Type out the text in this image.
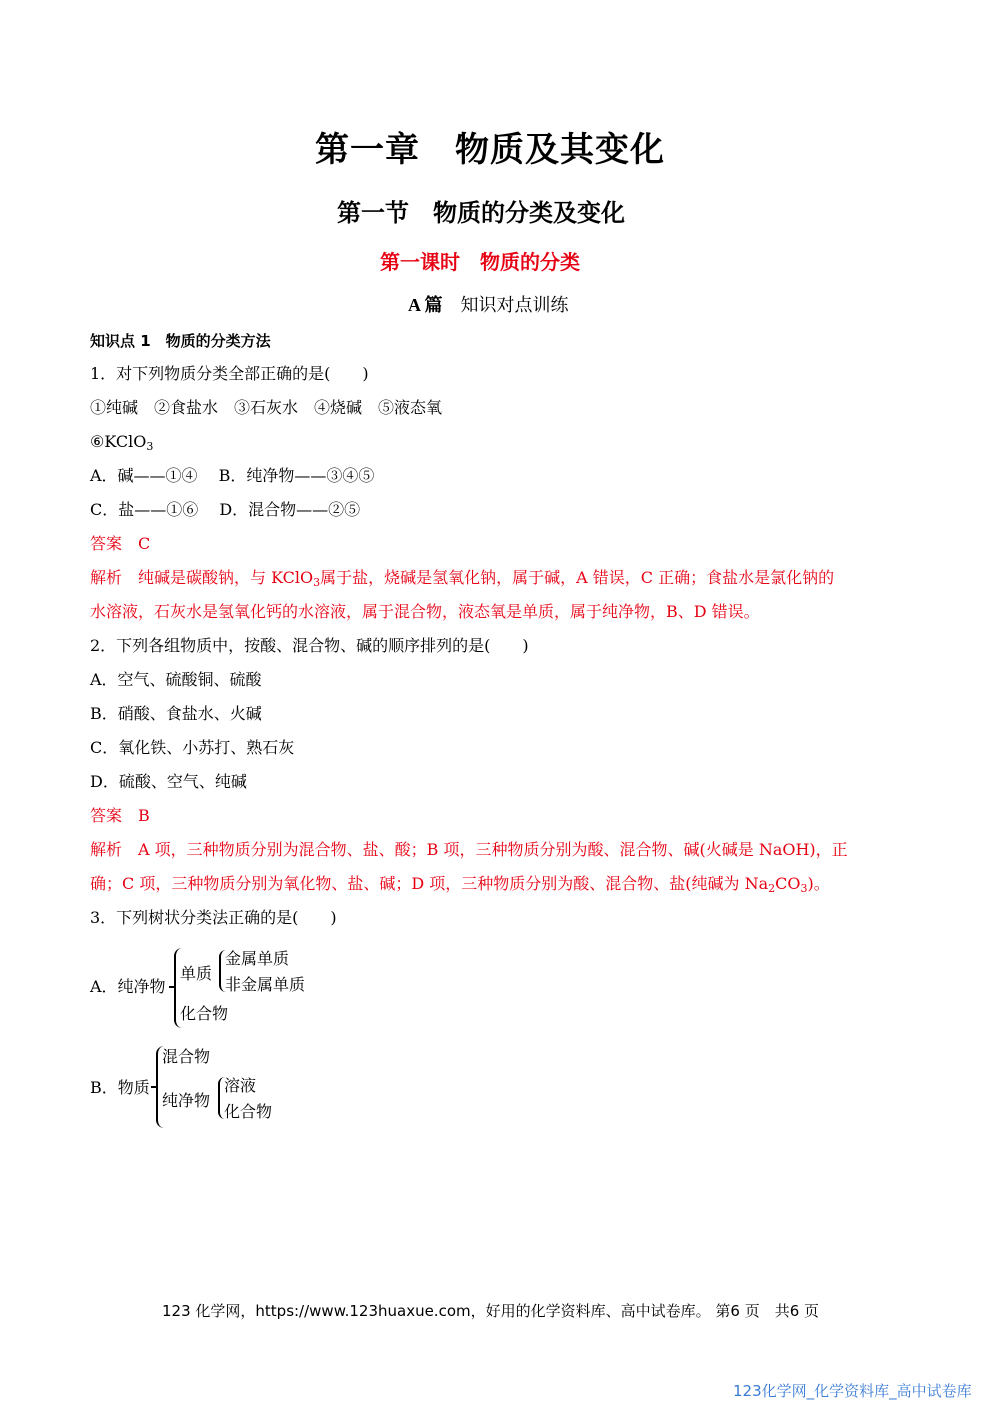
第一章　物质及其变化
第一节　物质的分类及变化
第一课时　物质的分类
A 篇　 知识对点训练
知识点 1　物质的分类方法
1．对下列物质分类全部正确的是(　　)
①纯碱　②食盐水　③石灰水　④烧碱　⑤液态氧
⑥KClO$_3$
A．碱——①④　 B．纯净物——③④⑤
C．盐——①⑥　 D．混合物——②⑤
答案　C
解析　纯碱是碳酸钠，与 KClO$_3$属于盐，烧碱是氢氧化钠，属于碱，A 错误，C 正确；食盐水是氯化钠的
水溶液，石灰水是氢氧化钙的水溶液，属于混合物，液态氧是单质，属于纯净物，B、D 错误。
2．下列各组物质中，按酸、混合物、碱的顺序排列的是(　　)
A．空气、硫酸铜、硫酸
B．硝酸、食盐水、火碱
C．氧化铁、小苏打、熟石灰
D．硫酸、空气、纯碱
答案　B
解析　A 项，三种物质分别为混合物、盐、酸；B 项，三种物质分别为酸、混合物、碱(火碱是 NaOH)，正
确；C 项，三种物质分别为氧化物、盐、碱；D 项，三种物质分别为酸、混合物、盐(纯碱为 $Na_2CO_3$)。
3．下列树状分类法正确的是(　　)
A．纯净物
单质
金属单质
非金属单质
化合物
B．物质
混合物
纯净物
溶液
化合物
123 化学网，https://www.123huaxue.com，好用的化学资料库、高中试卷库。 第6 页　共6 页
123化学网_化学资料库_高中试卷库
